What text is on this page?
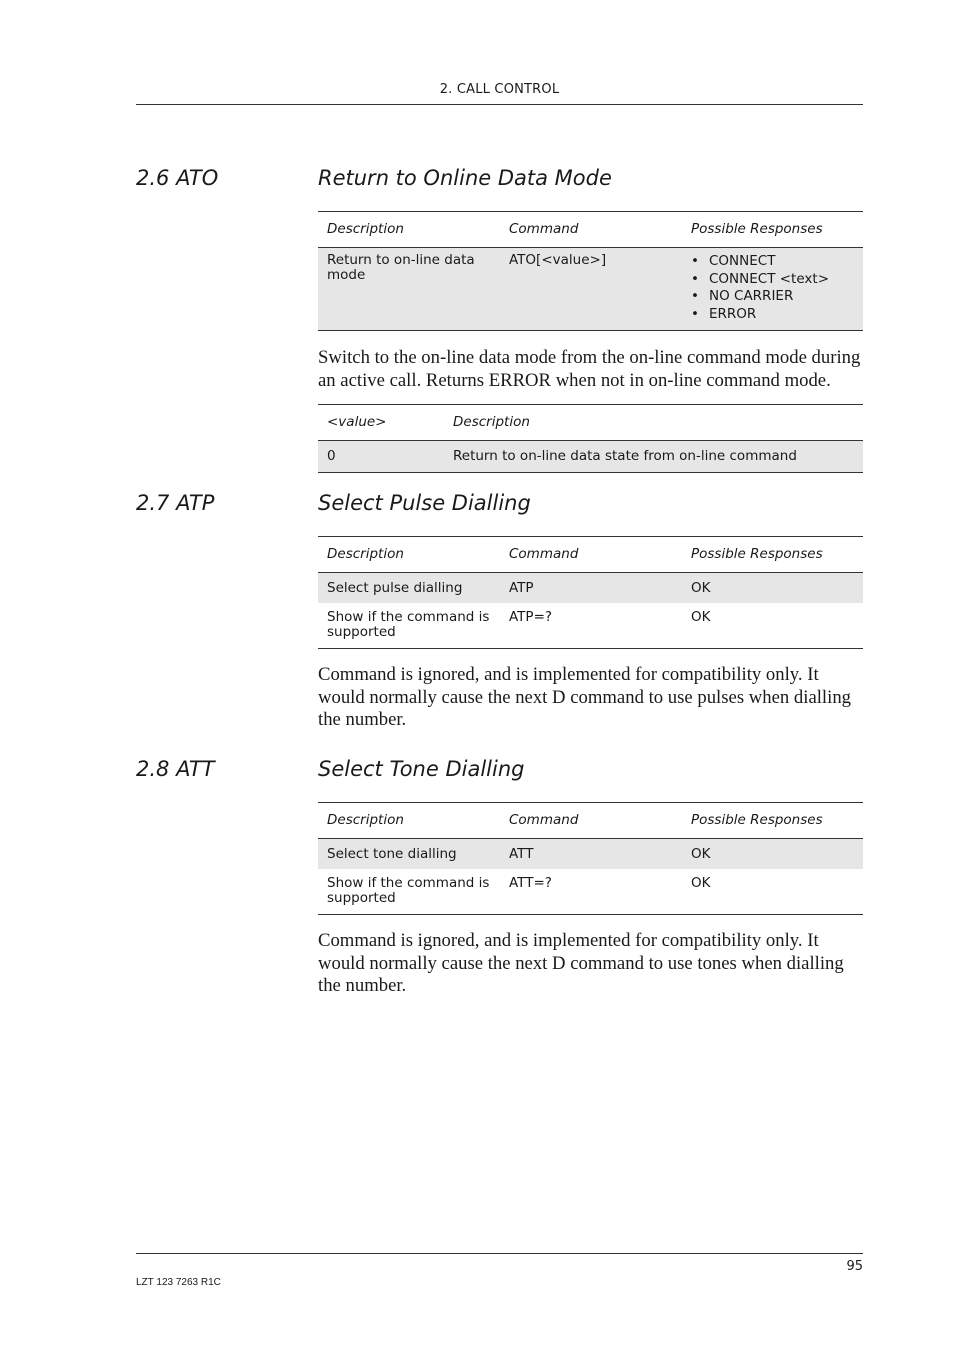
2. CALL CONTROL
2.6 ATO	Return to Online Data Mode
Description	Command	Possible Responses
Return to on-line data mode
ATO[<value>]
•	CONNECT
• CONNECT <text>
• NO CARRIER
• ERROR
Switch to the on-line data mode from the on-line command mode during an active call. Returns ERROR when not in on-line command mode.
<value>	Description
0	Return to on-line data state from on-line command
2.7 ATP	Select Pulse Dialling
Description	Command	Possible Responses
Select pulse dialling	ATP	OK
Show if the command is supported
ATP=?	OK
Command is ignored, and is implemented for compatibility only. It would normally cause the next D command to use pulses when dialling the number.
2.8 ATT	Select Tone Dialling
Description	Command	Possible Responses
Select tone dialling	ATT	OK
Show if the command is supported
ATT=?	OK
Command is ignored, and is implemented for compatibility only. It would normally cause the next D command to use tones when dialling the number.
95
LZT 123 7263 R1C
